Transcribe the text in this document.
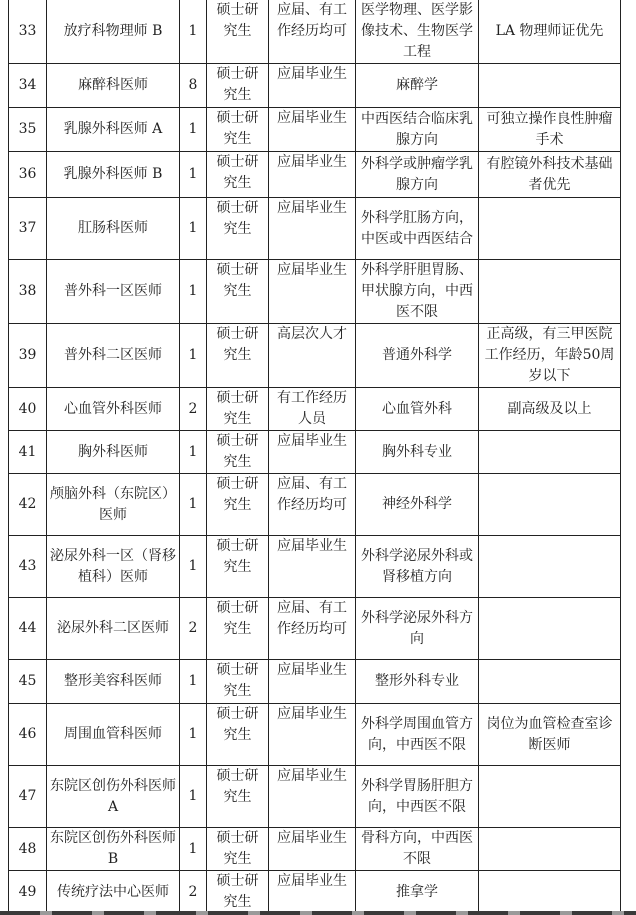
33	放疗科物理师 B	1	硕士研究生	应届、有工作经历均可	医学物理、医学影像技术、生物医学工程	LA 物理师证优先

34	麻醉科医师	8	硕士研究生	应届毕业生	麻醉学	

35	乳腺外科医师 A	1	硕士研究生	应届毕业生	中西医结合临床乳腺方向	可独立操作良性肿瘤手术

36	乳腺外科医师 B	1	硕士研究生	应届毕业生	外科学或肿瘤学乳腺方向	有腔镜外科技术基础者优先

37	肛肠科医师	1	硕士研究生	应届毕业生	外科学肛肠方向，中医或中西医结合	

38	普外科一区医师	1	硕士研究生	应届毕业生	外科学肝胆胃肠、甲状腺方向，中西医不限	

39	普外科二区医师	1	硕士研究生	高层次人才	普通外科学	正高级，有三甲医院工作经历，年龄50周岁以下

40	心血管外科医师	2	硕士研究生	有工作经历人员	心血管外科	副高级及以上

41	胸外科医师	1	硕士研究生	应届毕业生	胸外科专业	

42	颅脑外科（东院区）医师	1	硕士研究生	应届、有工作经历均可	神经外科学	

43	泌尿外科一区（肾移植科）医师	1	硕士研究生	应届毕业生	外科学泌尿外科或肾移植方向	

44	泌尿外科二区医师	2	硕士研究生	应届、有工作经历均可	外科学泌尿外科方向	

45	整形美容科医师	1	硕士研究生	应届毕业生	整形外科专业	

46	周围血管科医师	1	硕士研究生	应届毕业生	外科学周围血管方向，中西医不限	岗位为血管检查室诊断医师

47	东院区创伤外科医师 A	1	硕士研究生	应届毕业生	外科学胃肠肝胆方向，中西医不限	

48	东院区创伤外科医师 B	1	硕士研究生	应届毕业生	骨科方向，中西医不限	

49	传统疗法中心医师	2	硕士研究生	应届毕业生	推拿学	
